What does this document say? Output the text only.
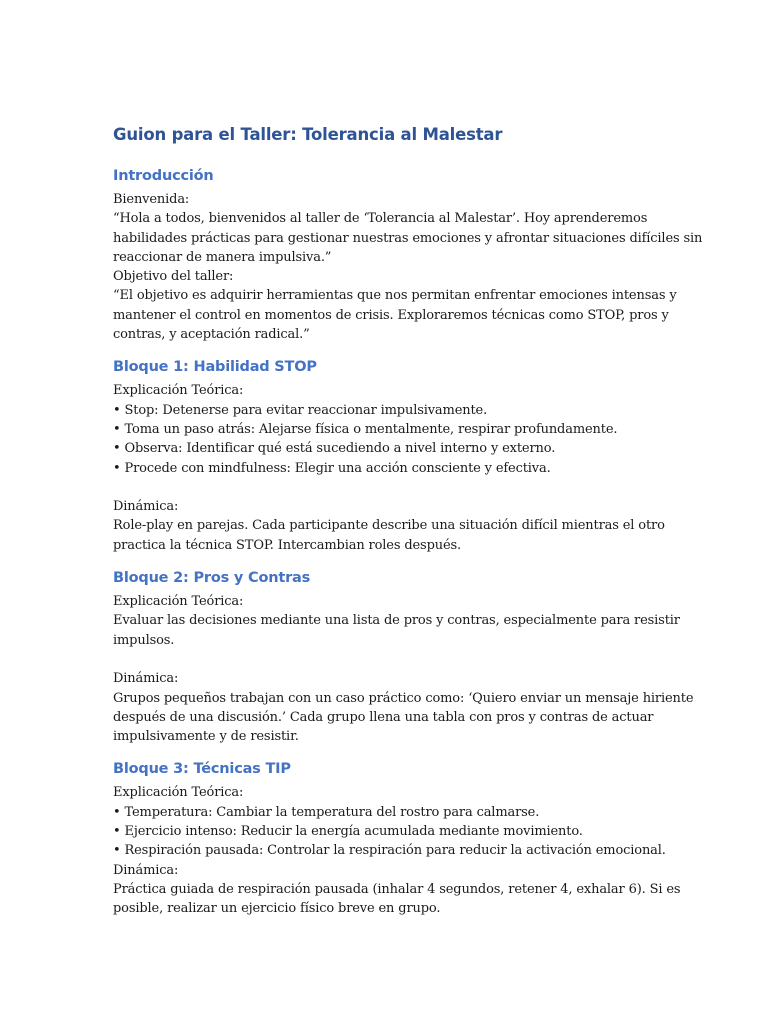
Guion para el Taller: Tolerancia al Malestar
Introducción

Bienvenida:

“Hola a todos, bienvenidos al taller de ‘Tolerancia al Malestar’. Hoy aprenderemos

habilidades prácticas para gestionar nuestras emociones y afrontar situaciones difíciles sin

reaccionar de manera impulsiva.”

Objetivo del taller:

“El objetivo es adquirir herramientas que nos permitan enfrentar emociones intensas y

mantener el control en momentos de crisis. Exploraremos técnicas como STOP, pros y

contras, y aceptación radical.”

Bloque 1: Habilidad STOP

Explicación Teórica:

• Stop: Detenerse para evitar reaccionar impulsivamente.

• Toma un paso atrás: Alejarse física o mentalmente, respirar profundamente.

• Observa: Identificar qué está sucediendo a nivel interno y externo.

• Procede con mindfulness: Elegir una acción consciente y efectiva.

Dinámica:

Role-play en parejas. Cada participante describe una situación difícil mientras el otro

practica la técnica STOP. Intercambian roles después.

Bloque 2: Pros y Contras

Explicación Teórica:

Evaluar las decisiones mediante una lista de pros y contras, especialmente para resistir

impulsos.

Dinámica:

Grupos pequeños trabajan con un caso práctico como: ‘Quiero enviar un mensaje hiriente

después de una discusión.’ Cada grupo llena una tabla con pros y contras de actuar

impulsivamente y de resistir.

Bloque 3: Técnicas TIP

Explicación Teórica:

• Temperatura: Cambiar la temperatura del rostro para calmarse.

• Ejercicio intenso: Reducir la energía acumulada mediante movimiento.

• Respiración pausada: Controlar la respiración para reducir la activación emocional.

Dinámica:

Práctica guiada de respiración pausada (inhalar 4 segundos, retener 4, exhalar 6). Si es

posible, realizar un ejercicio físico breve en grupo.
